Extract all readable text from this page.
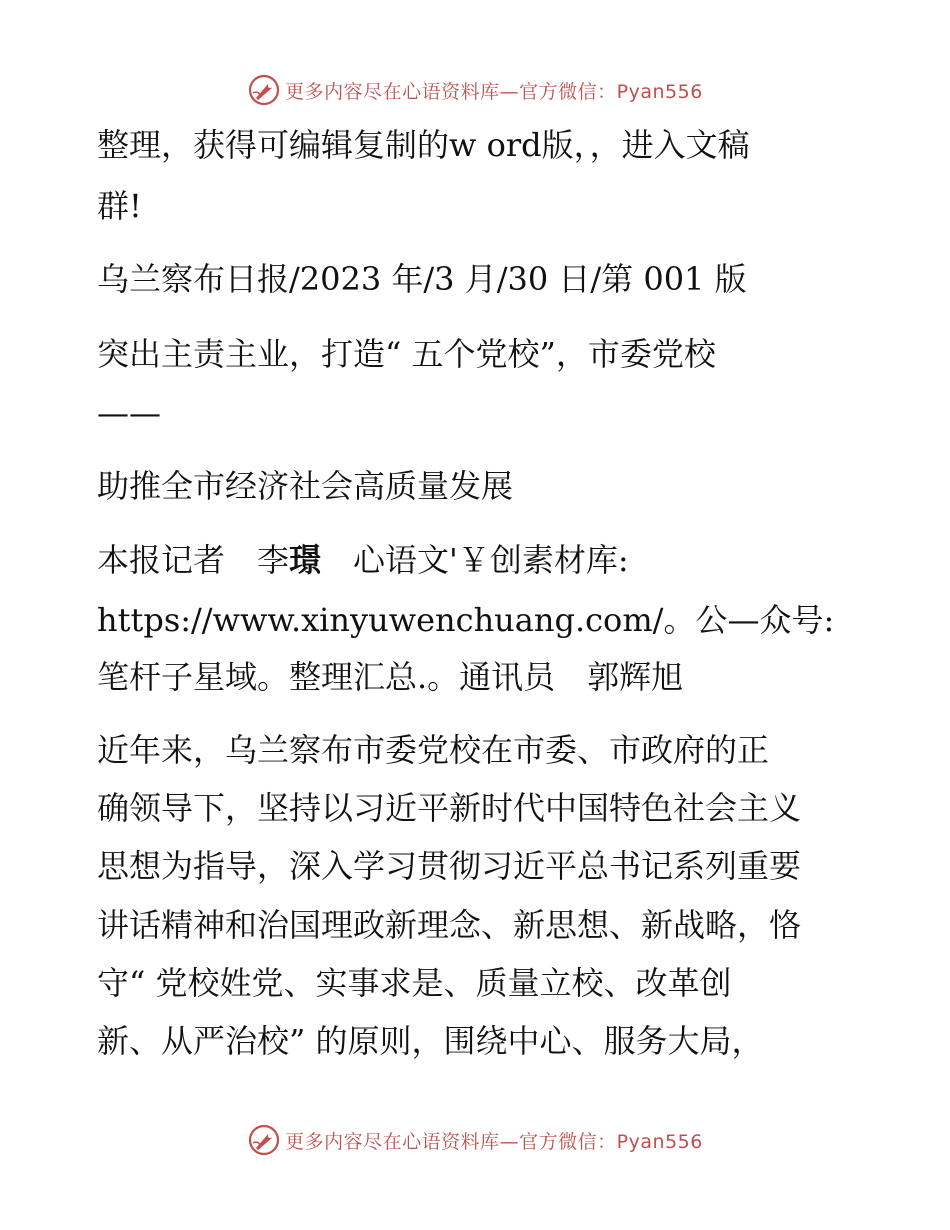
更多内容尽在心语资料库—官方微信：Pyan556
整理，获得可编辑复制的w ord版，，进入文稿
群!
乌兰察布日报/2023 年/3 月/30 日/第 001 版
突出主责主业，打造“ 五个党校”，市委党校
——
助推全市经济社会高质量发展
本报记者　李璟　心语文'￥创素材库:
https://www.xinyuwenchuang.com/。公—众号:
笔杆子星域。整理汇总.。通讯员　郭辉旭
近年来，乌兰察布市委党校在市委、市政府的正
确领导下，坚持以习近平新时代中国特色社会主义
思想为指导，深入学习贯彻习近平总书记系列重要
讲话精神和治国理政新理念、新思想、新战略，恪
守“ 党校姓党、实事求是、质量立校、改革创
新、从严治校” 的原则，围绕中心、服务大局，
更多内容尽在心语资料库—官方微信：Pyan556
